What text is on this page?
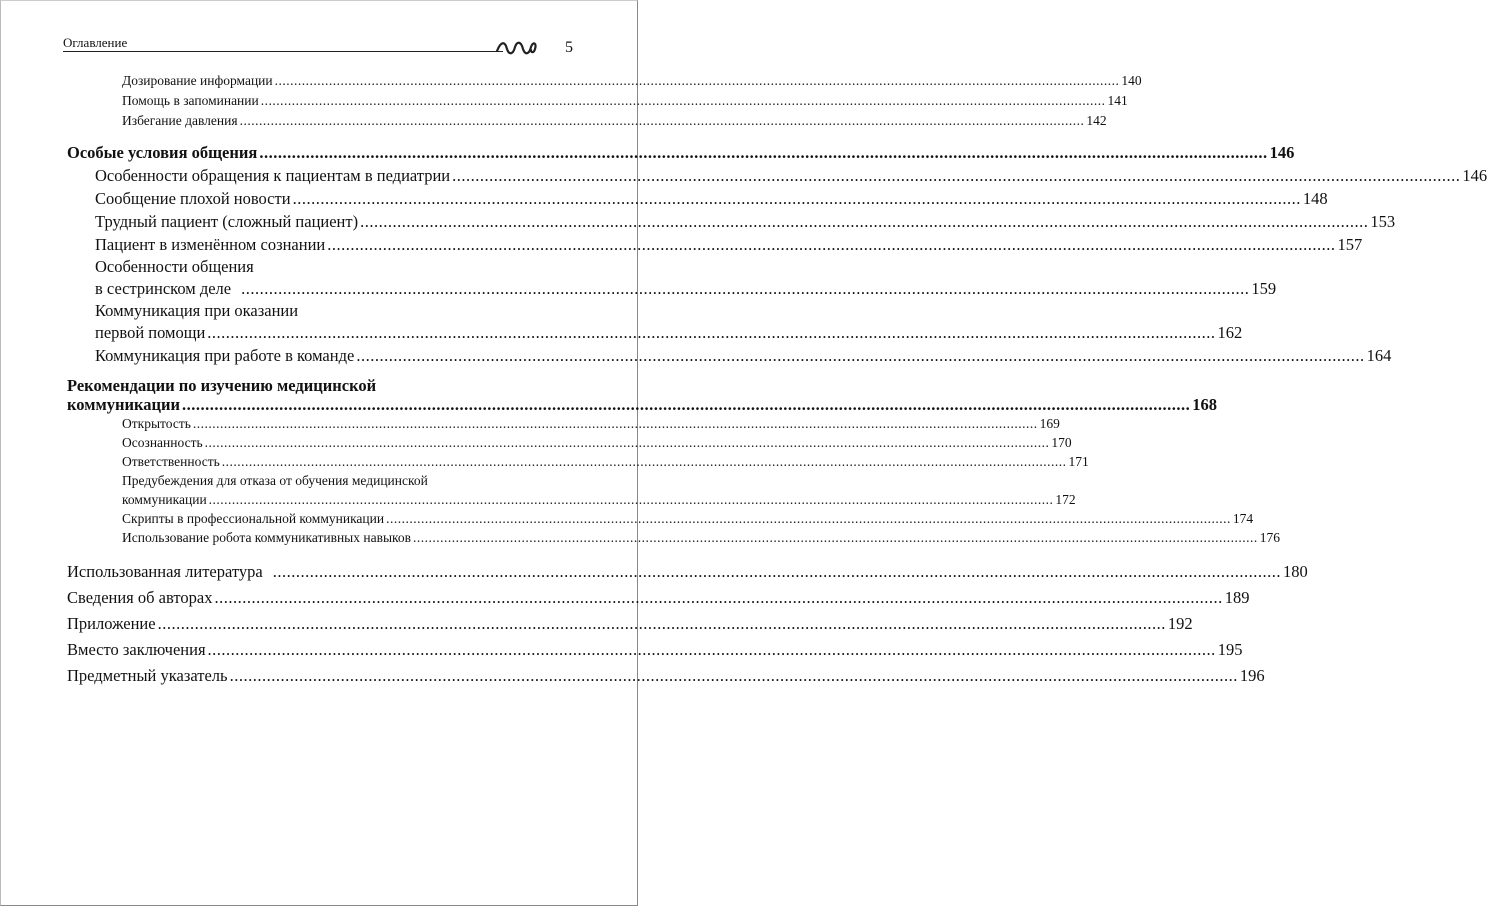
Оглавление	5
Дозирование информации .....	140
Помощь в запоминании .....	141
Избегание давления .....	142
Особые условия общения .....	146
Особенности обращения к пациентам в педиатрии .....	146
Сообщение плохой новости .....	148
Трудный пациент (сложный пациент) .....	153
Пациент в изменённом сознании .....	157
Особенности общения
в сестринском деле .....	159
Коммуникация при оказании
первой помощи .....	162
Коммуникация при работе в команде .....	164
Рекомендации по изучению медицинской
коммуникации .....	168
Открытость .....	169
Осознанность .....	170
Ответственность .....	171
Предубеждения для отказа от обучения медицинской
коммуникации .....	172
Скрипты в профессиональной коммуникации .....	174
Использование робота коммуникативных навыков .....	176
Использованная литература .....	180
Сведения об авторах .....	189
Приложение .....	192
Вместо заключения .....	195
Предметный указатель .....	196
